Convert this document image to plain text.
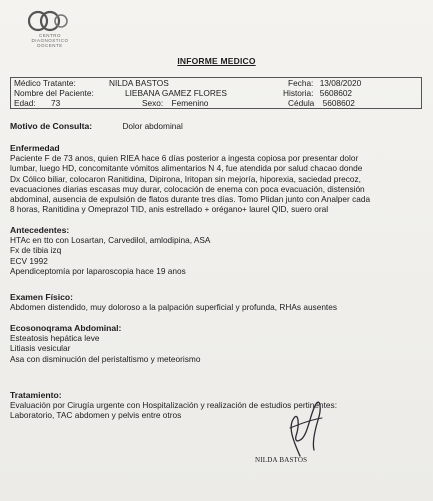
CENTRO
DIAGNOSTICO
DOCENTE
INFORME MEDICO
Médico Tratante:	NILDA BASTOS	Fecha: 13/08/2020
Nombre del Paciente:	LIEBANA GAMEZ FLORES	Historia: 5608602
Edad: 73	Sexo: Femenino	Cédula 5608602
Motivo de Consulta:	Dolor abdominal
Enfermedad

Paciente F de 73 anos, quien RIEA hace 6 días posterior a ingesta copiosa por presentar dolor

lumbar, luego HD, concomitante vómitos alimentarios N 4, fue atendida por salud chacao donde

Dx Cólico biliar, colocaron Ranitidina, Dipirona, Iritopan sin mejoría, hiporexia, saciedad precoz,

evacuaciones diarias escasas muy durar, colocación de enema con poca evacuación, distensión

abdominal, ausencia de expulsión de flatos durante tres días. Tomo Plidan junto con Analper cada

8 horas, Ranitidina y Omeprazol TID, anis estrellado + orégano+ laurel QID, suero oral

Antecedentes:

HTAc en tto con Losartan, Carvedilol, amlodipina, ASA

Fx de tibia izq

ECV 1992

Apendiceptomía por laparoscopia hace 19 anos

Examen Físico:

Abdomen distendido, muy doloroso a la palpación superficial y profunda, RHAs ausentes

Ecosonoqrama Abdominal:

Esteatosis hepática leve

Litiasis vesicular

Asa con disminución del peristaltismo y meteorismo

Tratamiento:

Evaluación por Cirugía urgente con Hospitalización y realización de estudios pertinentes:

Laboratorio, TAC abdomen y pelvis entre otros

NILDA BASTOS
